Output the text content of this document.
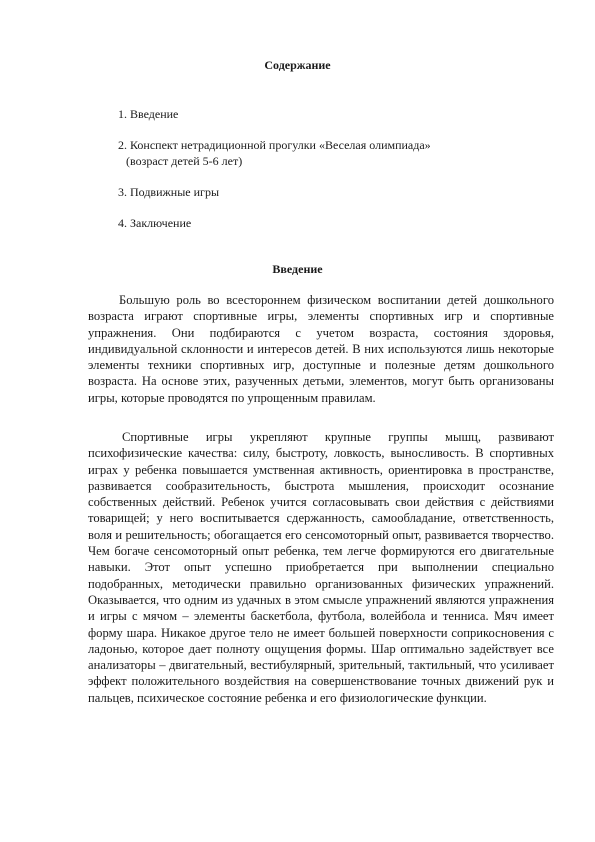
Содержание
1. Введение
2. Конспект нетрадиционной прогулки «Веселая олимпиада»
(возраст детей 5-6 лет)
3. Подвижные игры
4. Заключение
Введение

Большую роль во всестороннем физическом воспитании детей дошкольного возраста играют спортивные игры, элементы спортивных игр и спортивные упражнения. Они подбираются с учетом возраста, состояния здоровья, индивидуальной склонности и интересов детей. В них используются лишь некоторые элементы техники спортивных игр, доступные и полезные детям дошкольного возраста. На основе этих, разученных детьми, элементов, могут быть организованы игры, которые проводятся по упрощенным правилам.

Спортивные игры укрепляют крупные группы мышц, развивают психофизические качества: силу, быстроту, ловкость, выносливость. В спортивных играх у ребенка повышается умственная активность, ориентировка в пространстве, развивается сообразительность, быстрота мышления, происходит осознание собственных действий. Ребенок учится согласовывать свои действия с действиями товарищей; у него воспитывается сдержанность, самообладание, ответственность, воля и решительность; обогащается его сенсомоторный опыт, развивается творчество. Чем богаче сенсомоторный опыт ребенка, тем легче формируются его двигательные навыки. Этот опыт успешно приобретается при выполнении специально подобранных, методически правильно организованных физических упражнений. Оказывается, что одним из удачных в этом смысле упражнений являются упражнения и игры с мячом – элементы баскетбола, футбола, волейбола и тенниса. Мяч имеет форму шара. Никакое другое тело не имеет большей поверхности соприкосновения с ладонью, которое дает полноту ощущения формы. Шар оптимально задействует все анализаторы – двигательный, вестибулярный, зрительный, тактильный, что усиливает эффект положительного воздействия на совершенствование точных движений рук и пальцев, психическое состояние ребенка и его физиологические функции.
